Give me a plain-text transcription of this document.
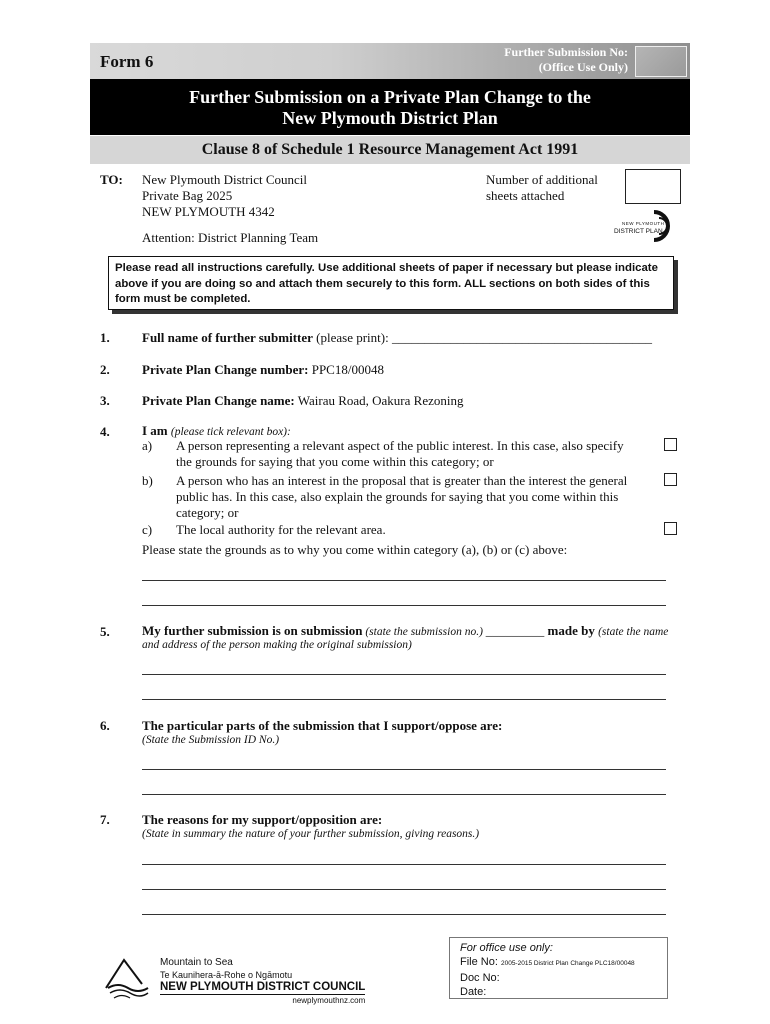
Form 6	Further Submission No:
(Office Use Only)
Further Submission on a Private Plan Change to the
New Plymouth District Plan
Clause 8 of Schedule 1 Resource Management Act 1991
TO: New Plymouth District Council
Private Bag 2025
NEW PLYMOUTH 4342
Number of additional
sheets attached
Attention: District Planning Team
NEW PLYMOUTH
DISTRICT PLAN
Please read all instructions carefully. Use additional sheets of paper if necessary but please indicate above if you are doing so and attach them securely to this form. ALL sections on both sides of this form must be completed.
1. Full name of further submitter (please print): ________________________________________
2. Private Plan Change number: PPC18/00048
3. Private Plan Change name: Wairau Road, Oakura Rezoning
4. I am (please tick relevant box):
a) A person representing a relevant aspect of the public interest. In this case, also specify
the grounds for saying that you come within this category; or
b) A person who has an interest in the proposal that is greater than the interest the general
public has. In this case, also explain the grounds for saying that you come within this
category; or
c) The local authority for the relevant area.
Please state the grounds as to why you come within category (a), (b) or (c) above:
5. My further submission is on submission (state the submission no.) _________ made by (state the name
and address of the person making the original submission)
6. The particular parts of the submission that I support/oppose are:
(State the Submission ID No.)
7. The reasons for my support/opposition are:
(State in summary the nature of your further submission, giving reasons.)
Mountain to Sea
Te Kaunihera-ā-Rohe o Ngāmotu
NEW PLYMOUTH DISTRICT COUNCIL
newplymouthnz.com
For office use only:
File No: 2005-2015 District Plan Change PLC18/00048
Doc No:
Date:
